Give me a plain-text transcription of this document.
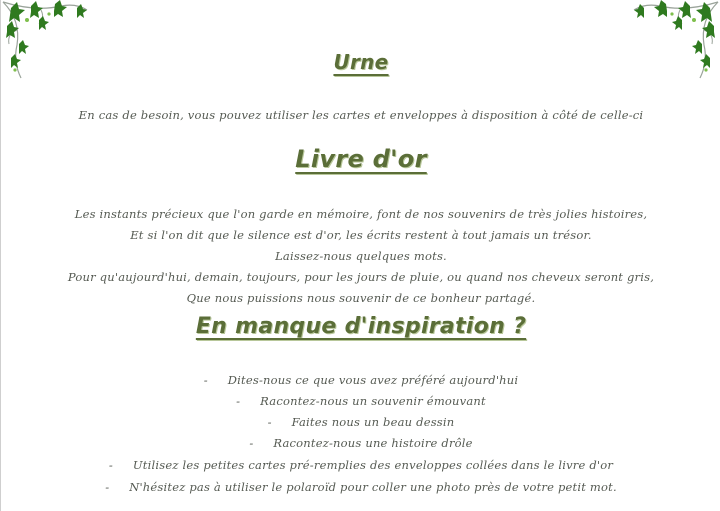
Urne
En cas de besoin, vous pouvez utiliser les cartes et enveloppes à disposition à côté de celle-ci
Livre d'or
Les instants précieux que l'on garde en mémoire, font de nos souvenirs de très jolies histoires,
Et si l'on dit que le silence est d'or, les écrits restent à tout jamais un trésor.
Laissez-nous quelques mots.
Pour qu'aujourd'hui, demain, toujours, pour les jours de pluie, ou quand nos cheveux seront gris,
Que nous puissions nous souvenir de ce bonheur partagé.
En manque d'inspiration ?
- Dites-nous ce que vous avez préféré aujourd'hui
- Racontez-nous un souvenir émouvant
- Faites nous un beau dessin
- Racontez-nous une histoire drôle
- Utilisez les petites cartes pré-remplies des enveloppes collées dans le livre d'or
- N'hésitez pas à utiliser le polaroïd pour coller une photo près de votre petit mot.
